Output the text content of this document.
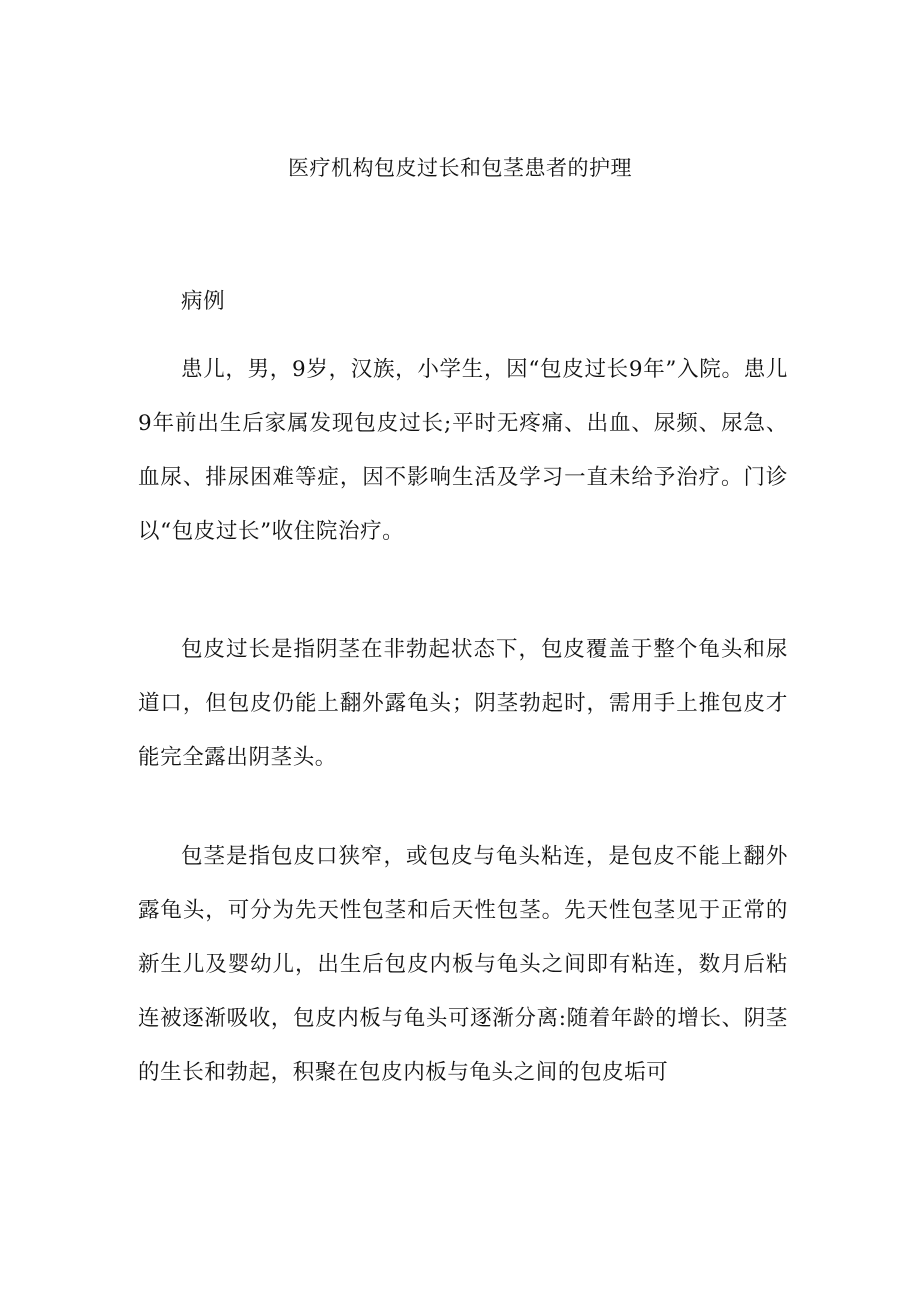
医疗机构包皮过长和包茎患者的护理

病例

患儿，男，9岁，汉族，小学生，因“包皮过长9年”入院。患儿9年前出生后家属发现包皮过长;平时无疼痛、出血、尿频、尿急、血尿、排尿困难等症，因不影响生活及学习一直未给予治疗。门诊以“包皮过长”收住院治疗。

包皮过长是指阴茎在非勃起状态下，包皮覆盖于整个龟头和尿道口，但包皮仍能上翻外露龟头；阴茎勃起时，需用手上推包皮才能完全露出阴茎头。

包茎是指包皮口狭窄，或包皮与龟头粘连，是包皮不能上翻外露龟头，可分为先天性包茎和后天性包茎。先天性包茎见于正常的新生儿及婴幼儿，出生后包皮内板与龟头之间即有粘连，数月后粘连被逐渐吸收，包皮内板与龟头可逐渐分离:随着年龄的增长、阴茎的生长和勃起，积聚在包皮内板与龟头之间的包皮垢可
